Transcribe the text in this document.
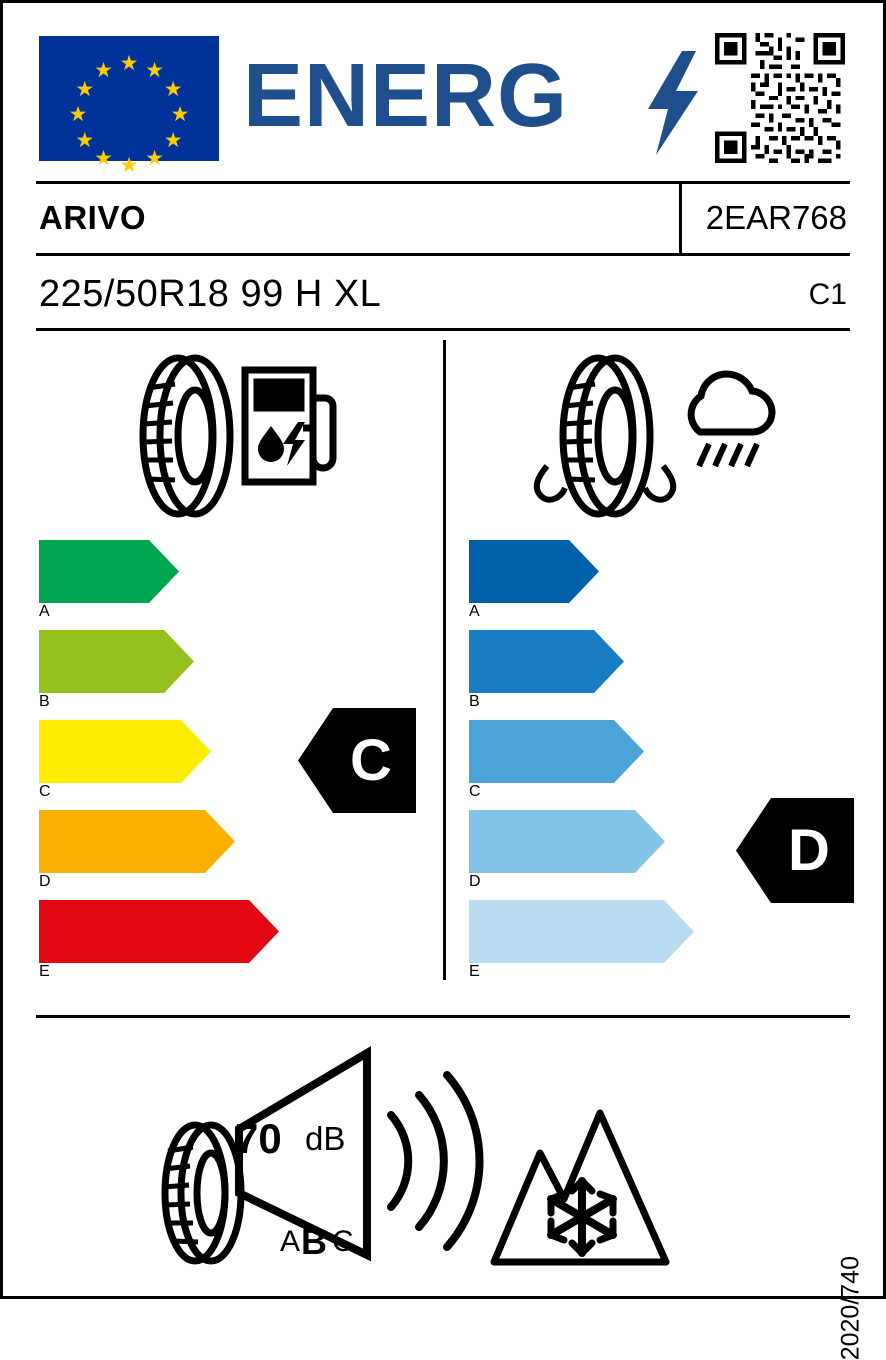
★ ★
★
★
★
★
★
★
★
★
★
★ ENERG
ARIVO	2EAR768
225/50R18 99 H XL	C1
A
B
C
D
E
C
A
B
C
D
E
D
70 dB
A B C
2020/740
